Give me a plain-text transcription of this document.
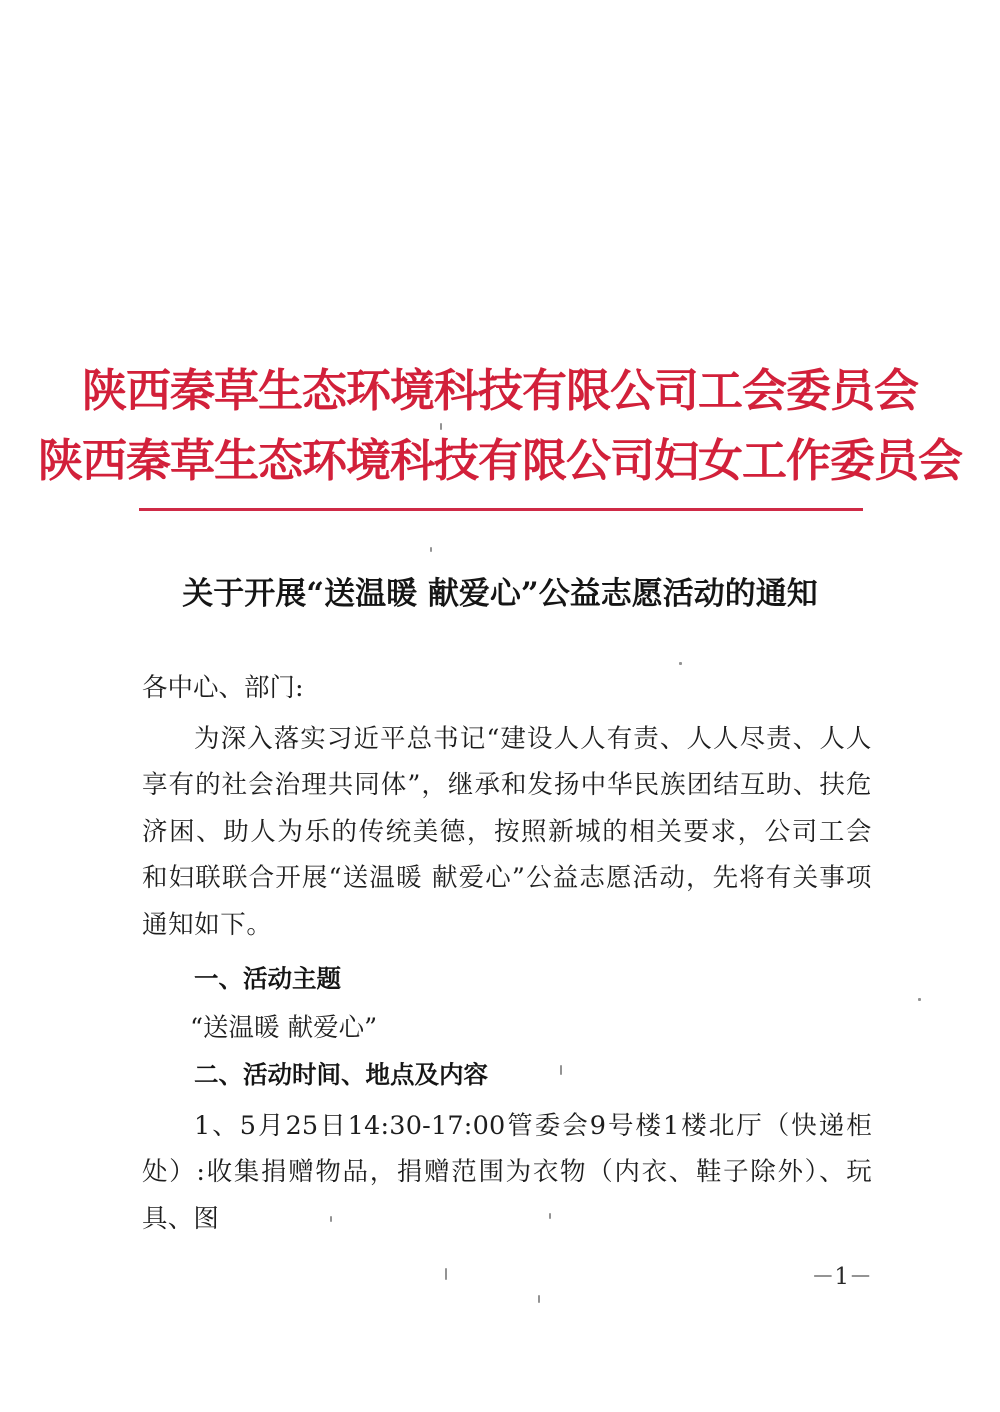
陕西秦草生态环境科技有限公司工会委员会
陕西秦草生态环境科技有限公司妇女工作委员会
关于开展“送温暖 献爱心”公益志愿活动的通知
各中心、部门:
为深入落实习近平总书记“建设人人有责、人人尽责、人人享有的社会治理共同体”，继承和发扬中华民族团结互助、扶危济困、助人为乐的传统美德，按照新城的相关要求，公司工会和妇联联合开展“送温暖 献爱心”公益志愿活动，先将有关事项通知如下。
一、活动主题
“送温暖 献爱心”
二、活动时间、地点及内容
1、5月25日14:30-17:00管委会9号楼1楼北厅（快递柜处）:收集捐赠物品，捐赠范围为衣物（内衣、鞋子除外）、玩具、图
－1－
